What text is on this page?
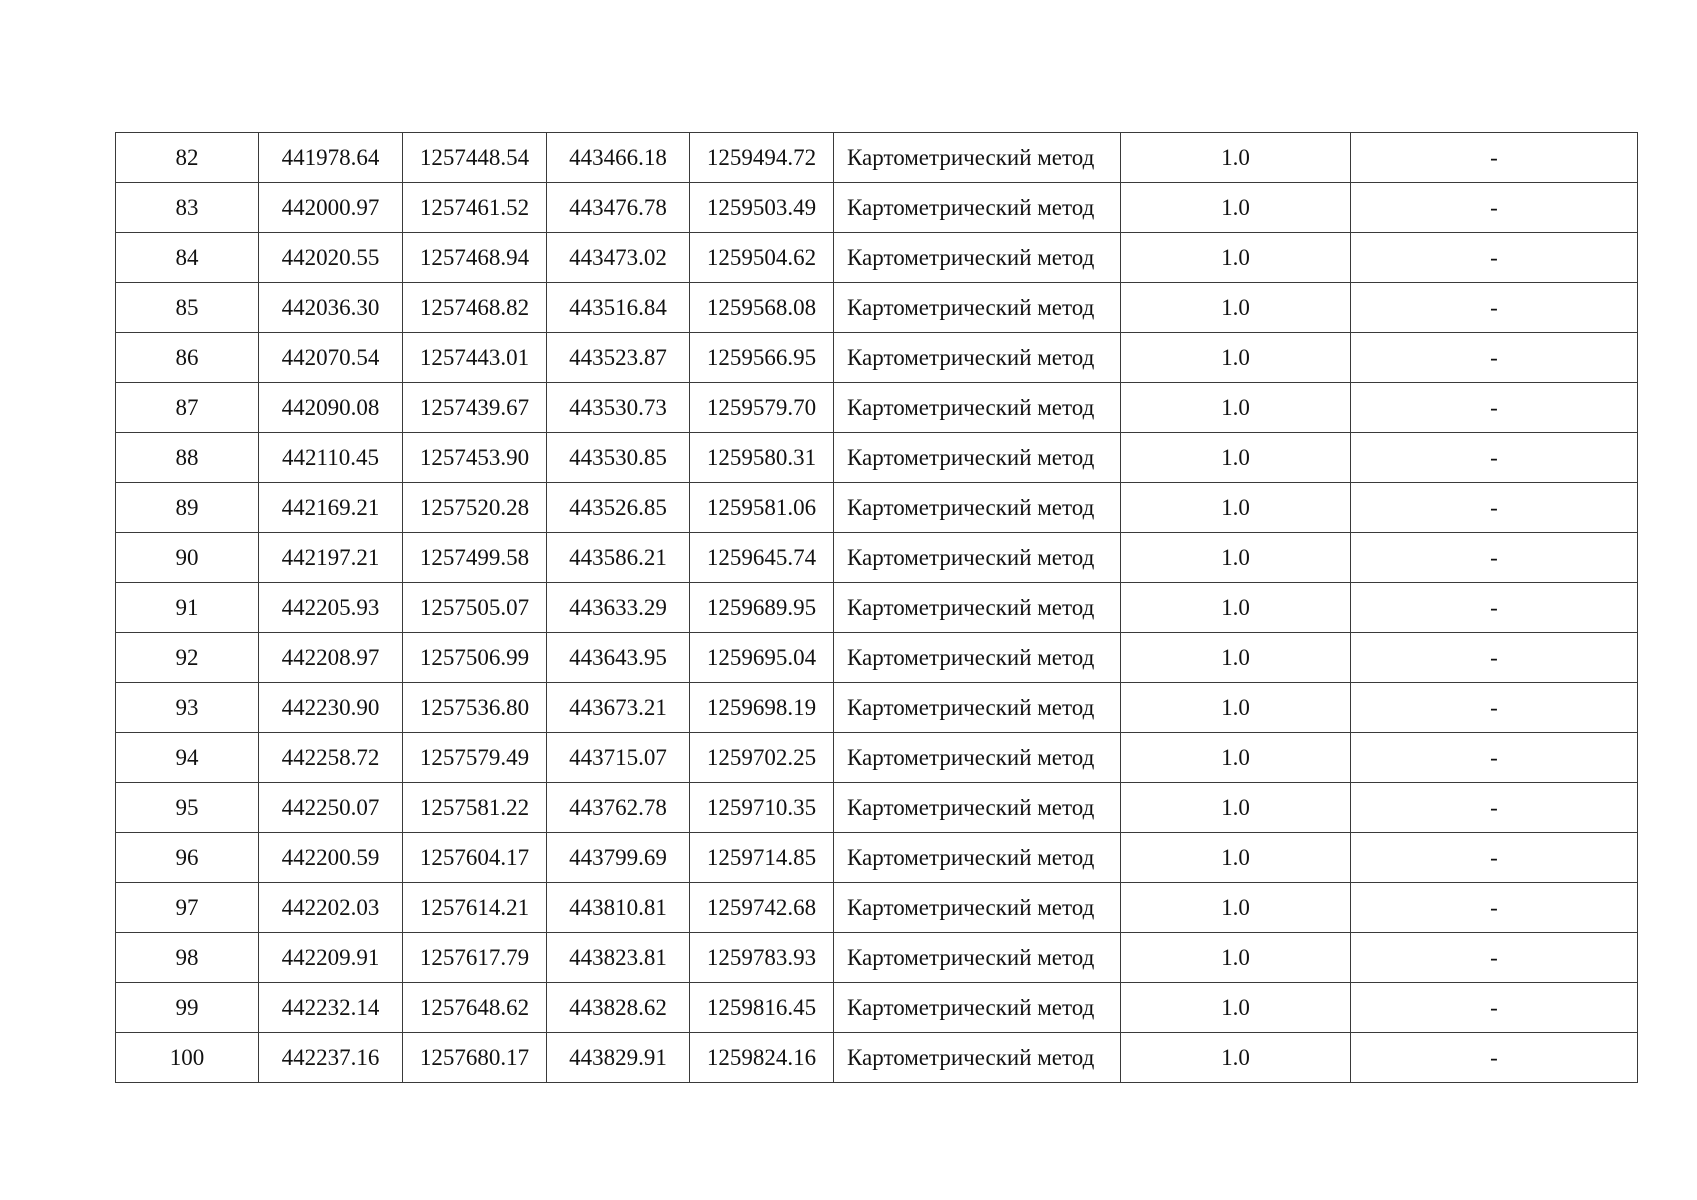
82	441978.64	1257448.54	443466.18	1259494.72	Картометрический метод	1.0	-
83	442000.97	1257461.52	443476.78	1259503.49	Картометрический метод	1.0	-
84	442020.55	1257468.94	443473.02	1259504.62	Картометрический метод	1.0	-
85	442036.30	1257468.82	443516.84	1259568.08	Картометрический метод	1.0	-
86	442070.54	1257443.01	443523.87	1259566.95	Картометрический метод	1.0	-
87	442090.08	1257439.67	443530.73	1259579.70	Картометрический метод	1.0	-
88	442110.45	1257453.90	443530.85	1259580.31	Картометрический метод	1.0	-
89	442169.21	1257520.28	443526.85	1259581.06	Картометрический метод	1.0	-
90	442197.21	1257499.58	443586.21	1259645.74	Картометрический метод	1.0	-
91	442205.93	1257505.07	443633.29	1259689.95	Картометрический метод	1.0	-
92	442208.97	1257506.99	443643.95	1259695.04	Картометрический метод	1.0	-
93	442230.90	1257536.80	443673.21	1259698.19	Картометрический метод	1.0	-
94	442258.72	1257579.49	443715.07	1259702.25	Картометрический метод	1.0	-
95	442250.07	1257581.22	443762.78	1259710.35	Картометрический метод	1.0	-
96	442200.59	1257604.17	443799.69	1259714.85	Картометрический метод	1.0	-
97	442202.03	1257614.21	443810.81	1259742.68	Картометрический метод	1.0	-
98	442209.91	1257617.79	443823.81	1259783.93	Картометрический метод	1.0	-
99	442232.14	1257648.62	443828.62	1259816.45	Картометрический метод	1.0	-
100	442237.16	1257680.17	443829.91	1259824.16	Картометрический метод	1.0	-
